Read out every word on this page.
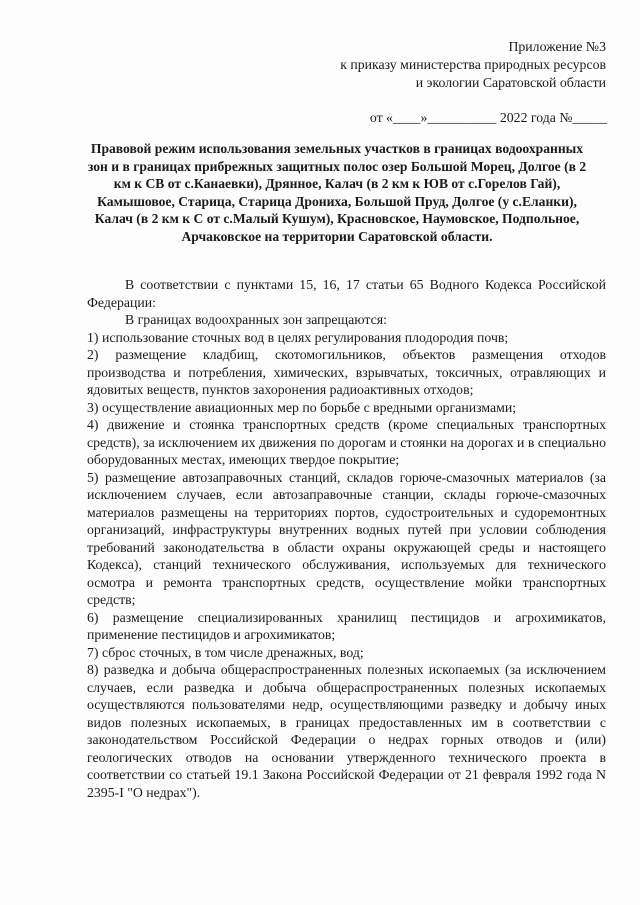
Приложение №3
к приказу министерства природных ресурсов
и экологии Саратовской области
от «____»__________ 2022 года №_____
Правовой режим использования земельных участков в границах водоохранных зон и в границах прибрежных защитных полос озер Большой Морец, Долгое (в 2 км к СВ от с.Канаевки), Дрянное, Калач (в 2 км к ЮВ от с.Горелов Гай), Камышовое, Старица, Старица Дрониха, Большой Пруд, Долгое (у с.Еланки), Калач (в 2 км к С от с.Малый Кушум), Красновское, Наумовское, Подпольное, Арчаковское на территории Саратовской области.

В соответствии с пунктами 15, 16, 17 статьи 65 Водного Кодекса Российской Федерации:

В границах водоохранных зон запрещаются:

1) использование сточных вод в целях регулирования плодородия почв;

2) размещение кладбищ, скотомогильников, объектов размещения отходов производства и потребления, химических, взрывчатых, токсичных, отравляющих и ядовитых веществ, пунктов захоронения радиоактивных отходов;

3) осуществление авиационных мер по борьбе с вредными организмами;

4) движение и стоянка транспортных средств (кроме специальных транспортных средств), за исключением их движения по дорогам и стоянки на дорогах и в специально оборудованных местах, имеющих твердое покрытие;

5) размещение автозаправочных станций, складов горюче-смазочных материалов (за исключением случаев, если автозаправочные станции, склады горюче-смазочных материалов размещены на территориях портов, судостроительных и судоремонтных организаций, инфраструктуры внутренних водных путей при условии соблюдения требований законодательства в области охраны окружающей среды и настоящего Кодекса), станций технического обслуживания, используемых для технического осмотра и ремонта транспортных средств, осуществление мойки транспортных средств;

6) размещение специализированных хранилищ пестицидов и агрохимикатов, применение пестицидов и агрохимикатов;

7) сброс сточных, в том числе дренажных, вод;

8) разведка и добыча общераспространенных полезных ископаемых (за исключением случаев, если разведка и добыча общераспространенных полезных ископаемых осуществляются пользователями недр, осуществляющими разведку и добычу иных видов полезных ископаемых, в границах предоставленных им в соответствии с законодательством Российской Федерации о недрах горных отводов и (или) геологических отводов на основании утвержденного технического проекта в соответствии со статьей 19.1 Закона Российской Федерации от 21 февраля 1992 года N 2395-I "О недрах").
